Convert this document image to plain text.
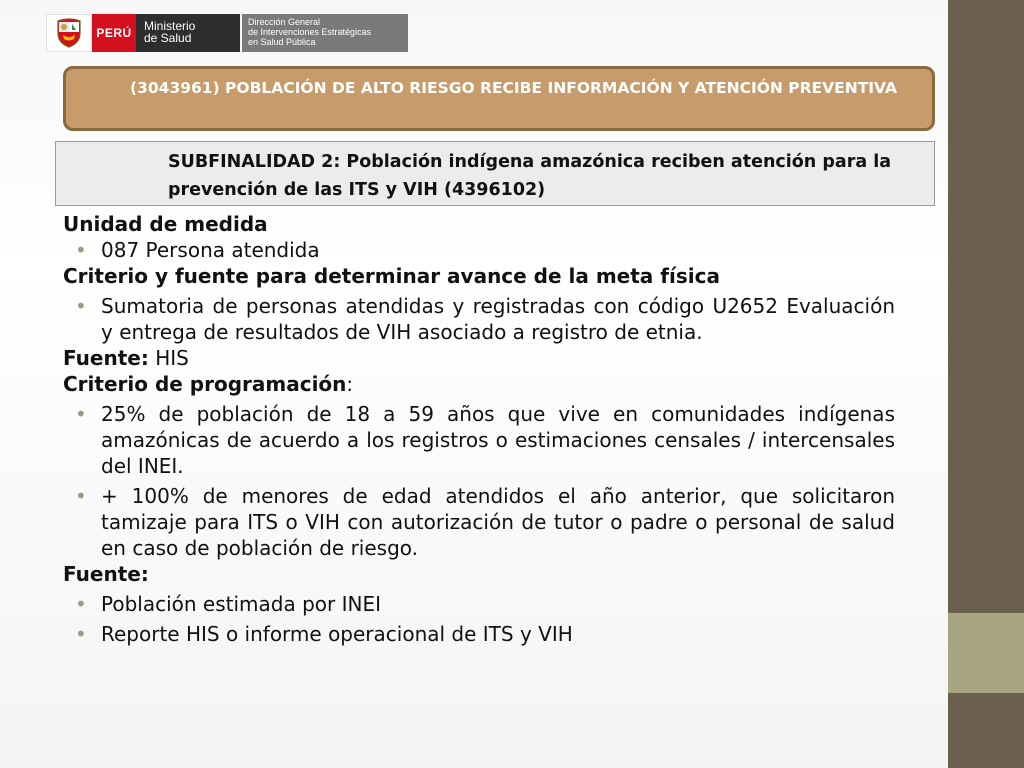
PERÚ	Ministerio
de Salud
Dirección General
de Intervenciones Estratégicas
en Salud Pública
(3043961) POBLACIÓN DE ALTO RIESGO RECIBE INFORMACIÓN Y ATENCIÓN PREVENTIVA
SUBFINALIDAD 2: Población indígena amazónica reciben atención para la prevención de las ITS y VIH (4396102)

Unidad de medida

• 087 Persona atendida

Criterio y fuente para determinar avance de la meta física

• Sumatoria de personas atendidas y registradas con código U2652 Evaluación y entrega de resultados de VIH asociado a registro de etnia.

Fuente: HIS

Criterio de programación:

• 25% de población de 18 a 59 años que vive en comunidades indígenas amazónicas de acuerdo a los registros o estimaciones censales / intercensales del INEI.
• + 100% de menores de edad atendidos el año anterior, que solicitaron tamizaje para ITS o VIH con autorización de tutor o padre o personal de salud en caso de población de riesgo.

Fuente:

• Población estimada por INEI
• Reporte HIS o informe operacional de ITS y VIH
